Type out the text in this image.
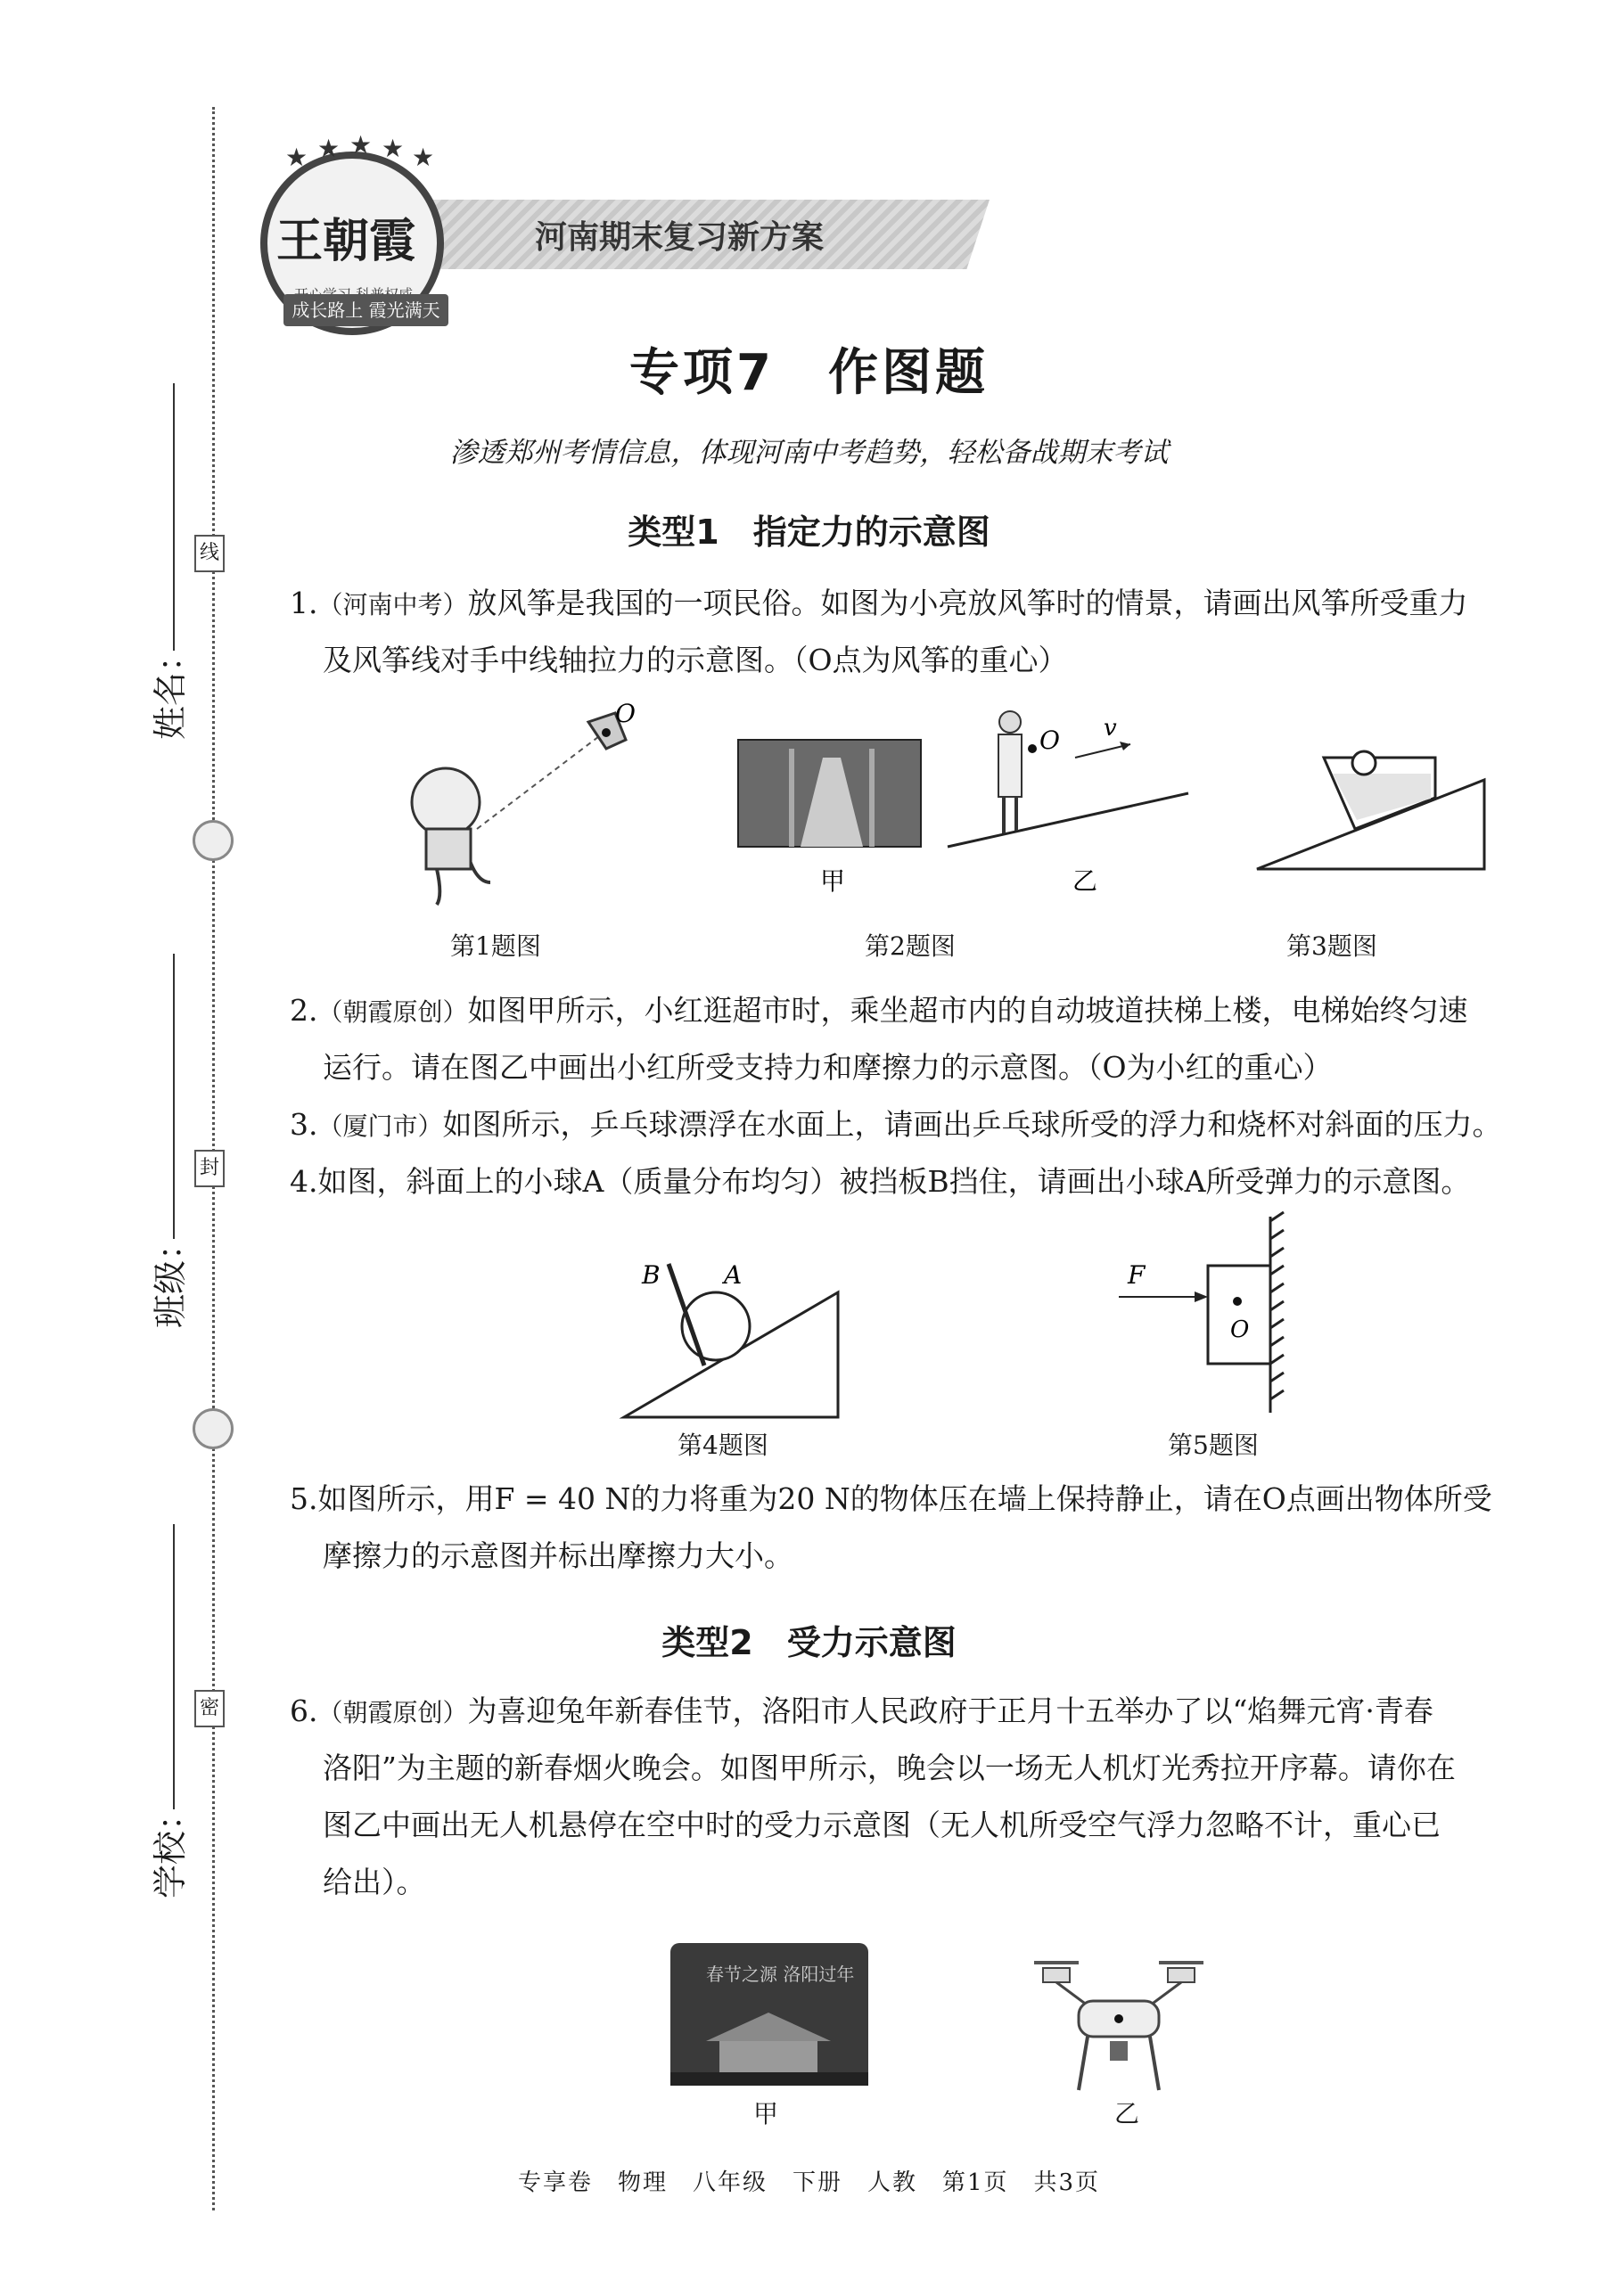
线
封
密
姓名：
班级：
学校：
河南期末复习新方案
★ ★ ★ ★ ★
王朝霞
成长路上 霞光满天
专项7　作图题
渗透郑州考情信息，体现河南中考趋势，轻松备战期末考试
类型1　指定力的示意图
1.（河南中考）放风筝是我国的一项民俗。如图为小亮放风筝时的情景，请画出风筝所受重力
及风筝线对手中线轴拉力的示意图。（O点为风筝的重心）
O
第1题图
O v
甲	乙
第2题图	第3题图
2.（朝霞原创）如图甲所示，小红逛超市时，乘坐超市内的自动坡道扶梯上楼，电梯始终匀速
运行。请在图乙中画出小红所受支持力和摩擦力的示意图。（O为小红的重心）
3.（厦门市）如图所示，乒乓球漂浮在水面上，请画出乒乓球所受的浮力和烧杯对斜面的压力。
4.如图，斜面上的小球A（质量分布均匀）被挡板B挡住，请画出小球A所受弹力的示意图。
A
B
第4题图
O
F
第5题图
5.如图所示，用F = 40 N的力将重为20 N的物体压在墙上保持静止，请在O点画出物体所受
摩擦力的示意图并标出摩擦力大小。
类型2　受力示意图
6.（朝霞原创）为喜迎兔年新春佳节，洛阳市人民政府于正月十五举办了以“焰舞元宵·青春
洛阳”为主题的新春烟火晚会。如图甲所示，晚会以一场无人机灯光秀拉开序幕。请你在
图乙中画出无人机悬停在空中时的受力示意图（无人机所受空气浮力忽略不计，重心已
给出）。
春节之源 洛阳过年
甲	乙
专享卷　物理　八年级　下册　人教　第1页　共3页
